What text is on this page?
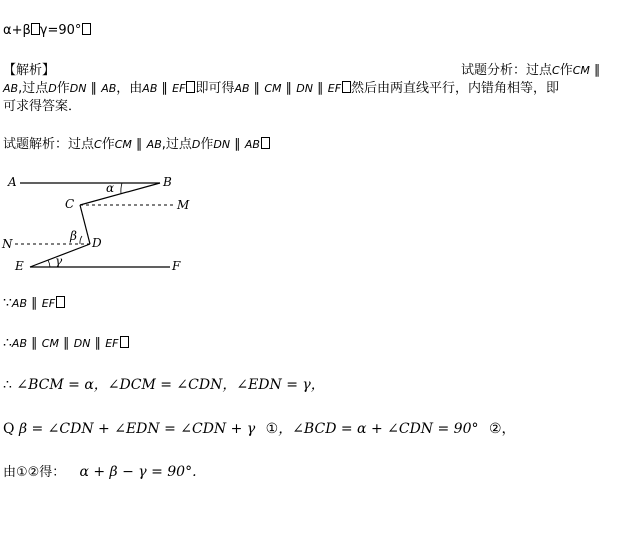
α+β γ=90°
【解析】	试题分析：过点C作CM ∥
AB,过点D作DN ∥ AB，由AB ∥ EF 即可得AB ∥ CM ∥ DN ∥ EF 然后由两直线平行，内错角相等，即
可求得答案．
试题解析：过点C作CM ∥ AB,过点D作DN ∥ AB
A	B
C	M
N	D
E	F
α
β
γ
∵AB ∥ EF
∴AB ∥ CM ∥ DN ∥ EF
∴ ∠BCM = α，∠DCM = ∠CDN，∠EDN = γ，
Q β = ∠CDN + ∠EDN = ∠CDN + γ ①，∠BCD = α + ∠CDN = 90° ②，
由①②得： α + β − γ = 90°.
